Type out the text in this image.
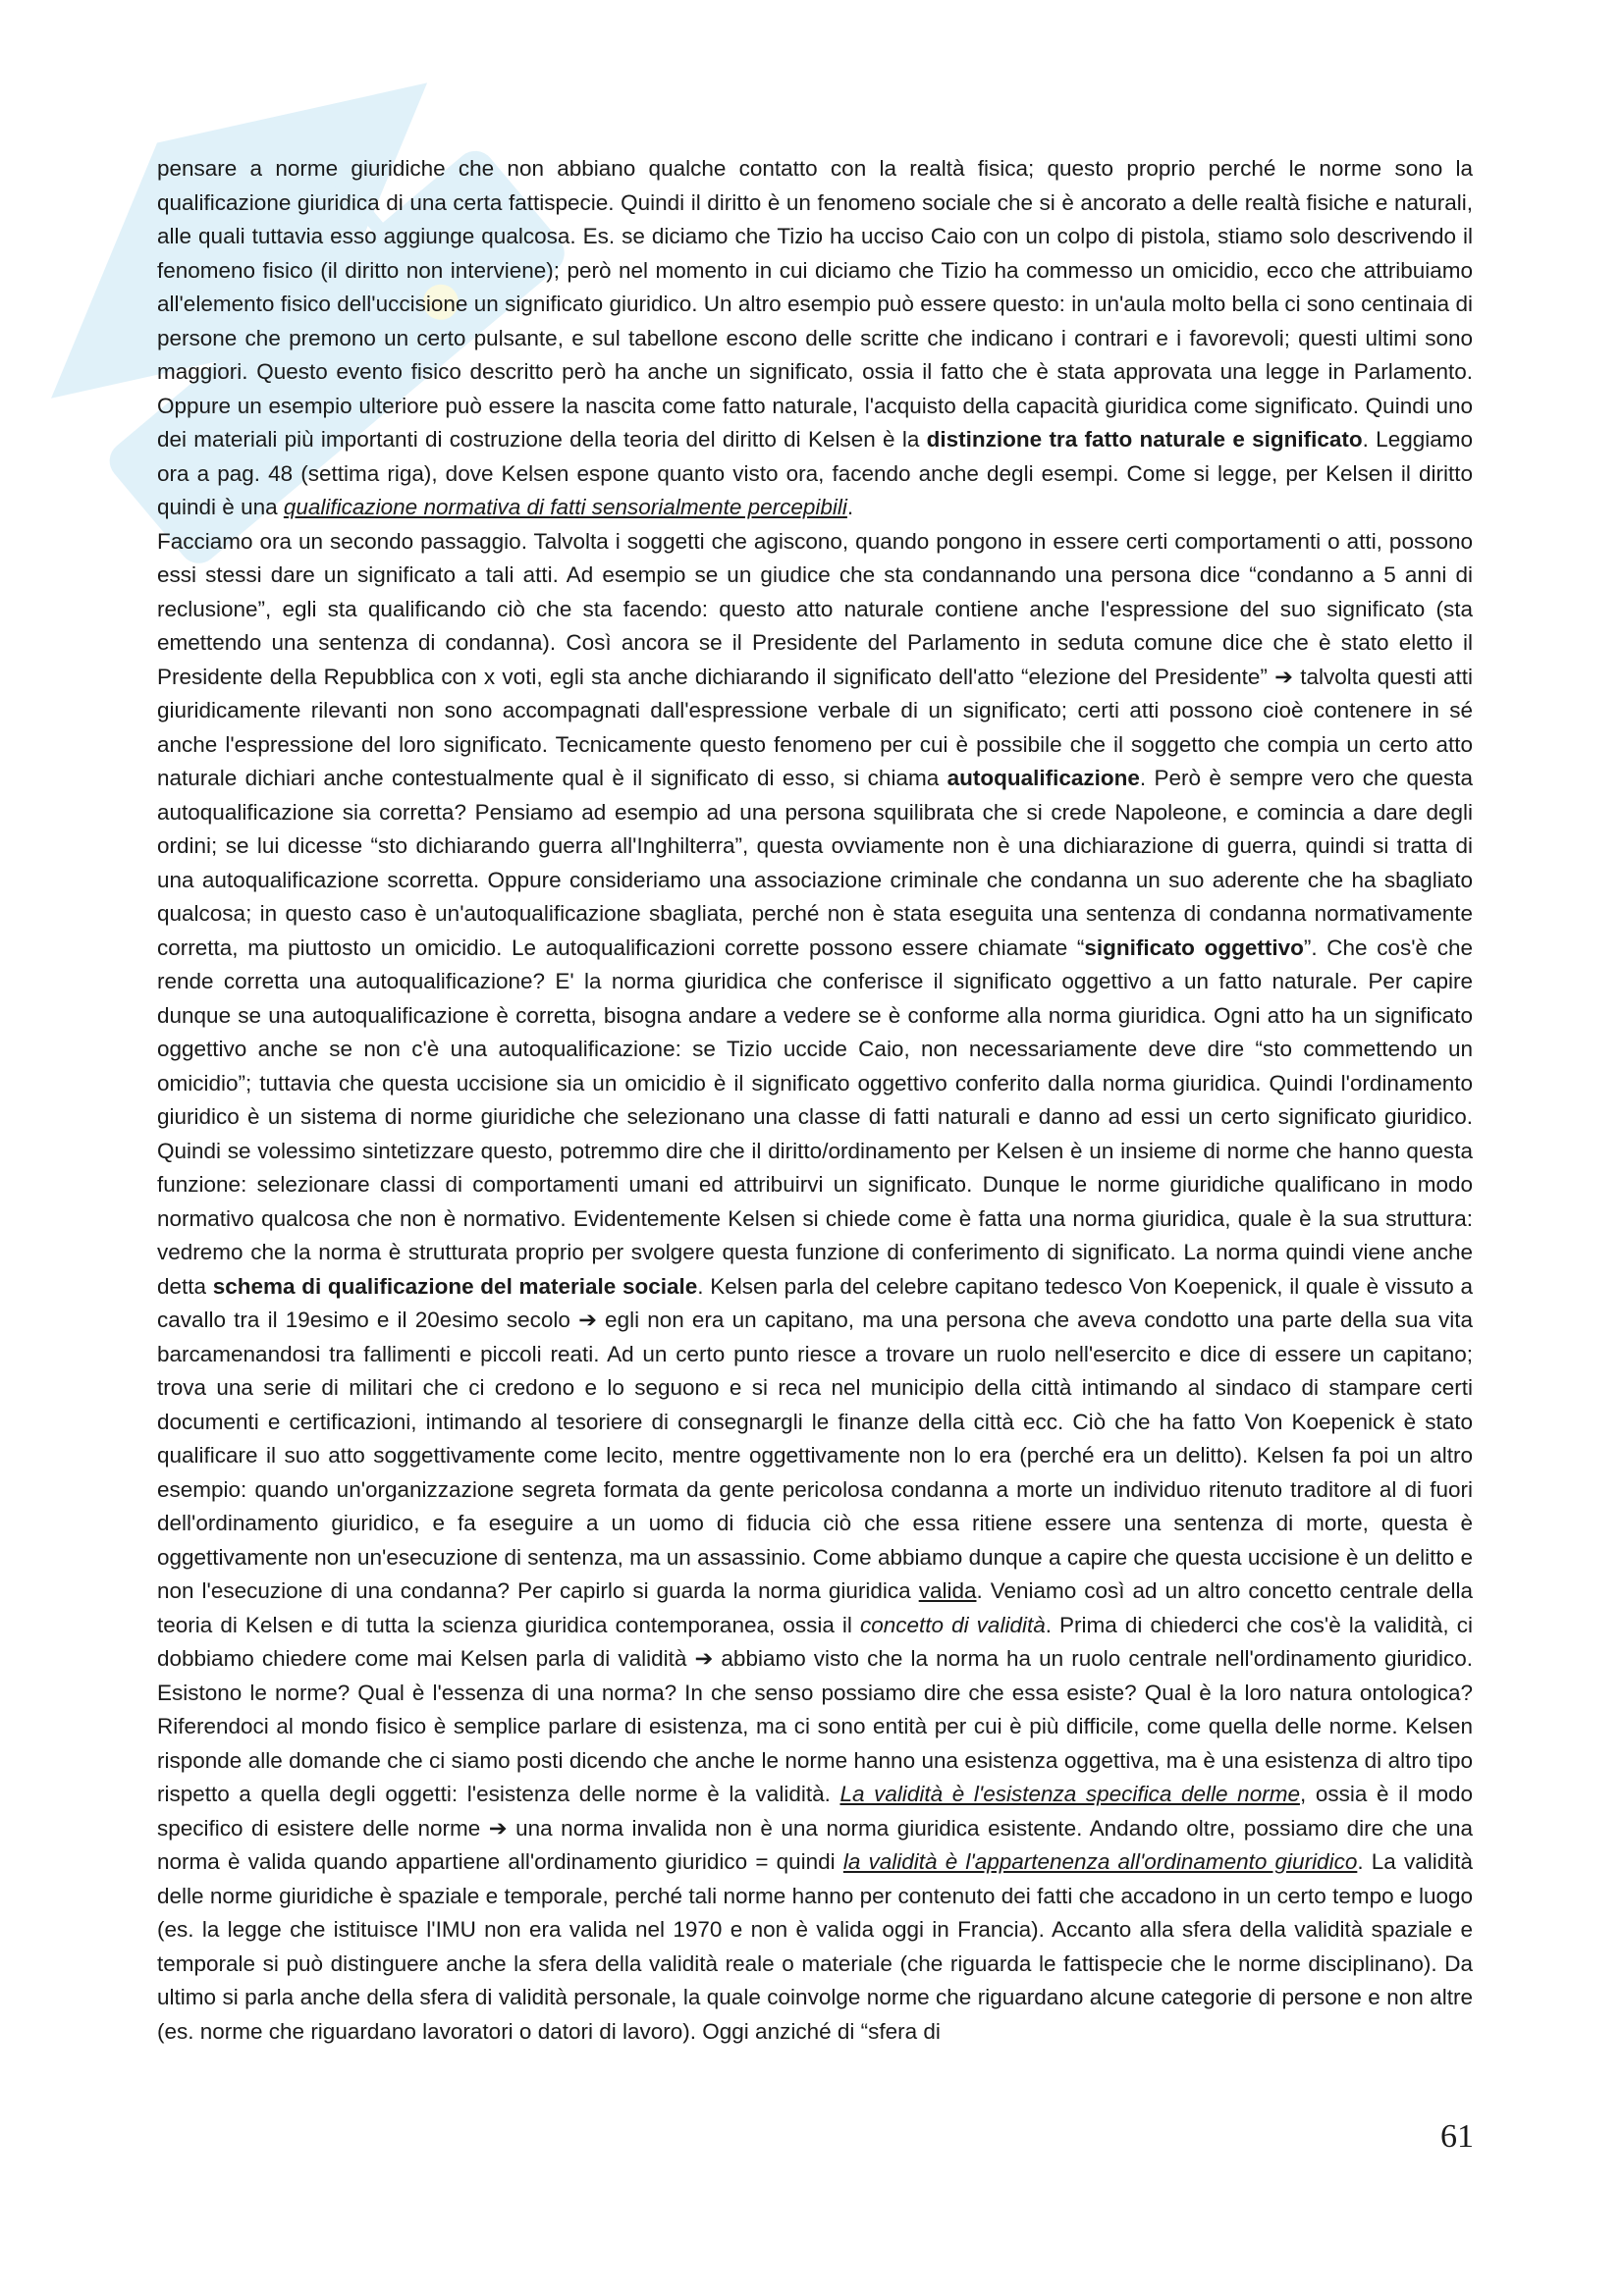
pensare a norme giuridiche che non abbiano qualche contatto con la realtà fisica; questo proprio perché le norme sono la qualificazione giuridica di una certa fattispecie. Quindi il diritto è un fenomeno sociale che si è ancorato a delle realtà fisiche e naturali, alle quali tuttavia esso aggiunge qualcosa. Es. se diciamo che Tizio ha ucciso Caio con un colpo di pistola, stiamo solo descrivendo il fenomeno fisico (il diritto non interviene); però nel momento in cui diciamo che Tizio ha commesso un omicidio, ecco che attribuiamo all'elemento fisico dell'uccisione un significato giuridico. Un altro esempio può essere questo: in un'aula molto bella ci sono centinaia di persone che premono un certo pulsante, e sul tabellone escono delle scritte che indicano i contrari e i favorevoli; questi ultimi sono maggiori. Questo evento fisico descritto però ha anche un significato, ossia il fatto che è stata approvata una legge in Parlamento. Oppure un esempio ulteriore può essere la nascita come fatto naturale, l'acquisto della capacità giuridica come significato. Quindi uno dei materiali più importanti di costruzione della teoria del diritto di Kelsen è la distinzione tra fatto naturale e significato. Leggiamo ora a pag. 48 (settima riga), dove Kelsen espone quanto visto ora, facendo anche degli esempi. Come si legge, per Kelsen il diritto quindi è una qualificazione normativa di fatti sensorialmente percepibili.

Facciamo ora un secondo passaggio. Talvolta i soggetti che agiscono, quando pongono in essere certi comportamenti o atti, possono essi stessi dare un significato a tali atti. Ad esempio se un giudice che sta condannando una persona dice “condanno a 5 anni di reclusione”, egli sta qualificando ciò che sta facendo: questo atto naturale contiene anche l'espressione del suo significato (sta emettendo una sentenza di condanna). Così ancora se il Presidente del Parlamento in seduta comune dice che è stato eletto il Presidente della Repubblica con x voti, egli sta anche dichiarando il significato dell'atto “elezione del Presidente” ➔ talvolta questi atti giuridicamente rilevanti non sono accompagnati dall'espressione verbale di un significato; certi atti possono cioè contenere in sé anche l'espressione del loro significato. Tecnicamente questo fenomeno per cui è possibile che il soggetto che compia un certo atto naturale dichiari anche contestualmente qual è il significato di esso, si chiama autoqualificazione. Però è sempre vero che questa autoqualificazione sia corretta? Pensiamo ad esempio ad una persona squilibrata che si crede Napoleone, e comincia a dare degli ordini; se lui dicesse “sto dichiarando guerra all'Inghilterra”, questa ovviamente non è una dichiarazione di guerra, quindi si tratta di una autoqualificazione scorretta. Oppure consideriamo una associazione criminale che condanna un suo aderente che ha sbagliato qualcosa; in questo caso è un'autoqualificazione sbagliata, perché non è stata eseguita una sentenza di condanna normativamente corretta, ma piuttosto un omicidio. Le autoqualificazioni corrette possono essere chiamate “significato oggettivo”. Che cos'è che rende corretta una autoqualificazione? E' la norma giuridica che conferisce il significato oggettivo a un fatto naturale. Per capire dunque se una autoqualificazione è corretta, bisogna andare a vedere se è conforme alla norma giuridica. Ogni atto ha un significato oggettivo anche se non c'è una autoqualificazione: se Tizio uccide Caio, non necessariamente deve dire “sto commettendo un omicidio”; tuttavia che questa uccisione sia un omicidio è il significato oggettivo conferito dalla norma giuridica. Quindi l'ordinamento giuridico è un sistema di norme giuridiche che selezionano una classe di fatti naturali e danno ad essi un certo significato giuridico. Quindi se volessimo sintetizzare questo, potremmo dire che il diritto/ordinamento per Kelsen è un insieme di norme che hanno questa funzione: selezionare classi di comportamenti umani ed attribuirvi un significato. Dunque le norme giuridiche qualificano in modo normativo qualcosa che non è normativo. Evidentemente Kelsen si chiede come è fatta una norma giuridica, quale è la sua struttura: vedremo che la norma è strutturata proprio per svolgere questa funzione di conferimento di significato. La norma quindi viene anche detta schema di qualificazione del materiale sociale. Kelsen parla del celebre capitano tedesco Von Koepenick, il quale è vissuto a cavallo tra il 19esimo e il 20esimo secolo ➔ egli non era un capitano, ma una persona che aveva condotto una parte della sua vita barcamenandosi tra fallimenti e piccoli reati. Ad un certo punto riesce a trovare un ruolo nell'esercito e dice di essere un capitano; trova una serie di militari che ci credono e lo seguono e si reca nel municipio della città intimando al sindaco di stampare certi documenti e certificazioni, intimando al tesoriere di consegnargli le finanze della città ecc. Ciò che ha fatto Von Koepenick è stato qualificare il suo atto soggettivamente come lecito, mentre oggettivamente non lo era (perché era un delitto). Kelsen fa poi un altro esempio: quando un'organizzazione segreta formata da gente pericolosa condanna a morte un individuo ritenuto traditore al di fuori dell'ordinamento giuridico, e fa eseguire a un uomo di fiducia ciò che essa ritiene essere una sentenza di morte, questa è oggettivamente non un'esecuzione di sentenza, ma un assassinio. Come abbiamo dunque a capire che questa uccisione è un delitto e non l'esecuzione di una condanna? Per capirlo si guarda la norma giuridica valida. Veniamo così ad un altro concetto centrale della teoria di Kelsen e di tutta la scienza giuridica contemporanea, ossia il concetto di validità. Prima di chiederci che cos'è la validità, ci dobbiamo chiedere come mai Kelsen parla di validità ➔ abbiamo visto che la norma ha un ruolo centrale nell'ordinamento giuridico. Esistono le norme? Qual è l'essenza di una norma? In che senso possiamo dire che essa esiste? Qual è la loro natura ontologica? Riferendoci al mondo fisico è semplice parlare di esistenza, ma ci sono entità per cui è più difficile, come quella delle norme. Kelsen risponde alle domande che ci siamo posti dicendo che anche le norme hanno una esistenza oggettiva, ma è una esistenza di altro tipo rispetto a quella degli oggetti: l'esistenza delle norme è la validità. La validità è l'esistenza specifica delle norme, ossia è il modo specifico di esistere delle norme ➔ una norma invalida non è una norma giuridica esistente. Andando oltre, possiamo dire che una norma è valida quando appartiene all'ordinamento giuridico = quindi la validità è l'appartenenza all'ordinamento giuridico. La validità delle norme giuridiche è spaziale e temporale, perché tali norme hanno per contenuto dei fatti che accadono in un certo tempo e luogo (es. la legge che istituisce l'IMU non era valida nel 1970 e non è valida oggi in Francia). Accanto alla sfera della validità spaziale e temporale si può distinguere anche la sfera della validità reale o materiale (che riguarda le fattispecie che le norme disciplinano). Da ultimo si parla anche della sfera di validità personale, la quale coinvolge norme che riguardano alcune categorie di persone e non altre (es. norme che riguardano lavoratori o datori di lavoro). Oggi anziché di “sfera di

61
